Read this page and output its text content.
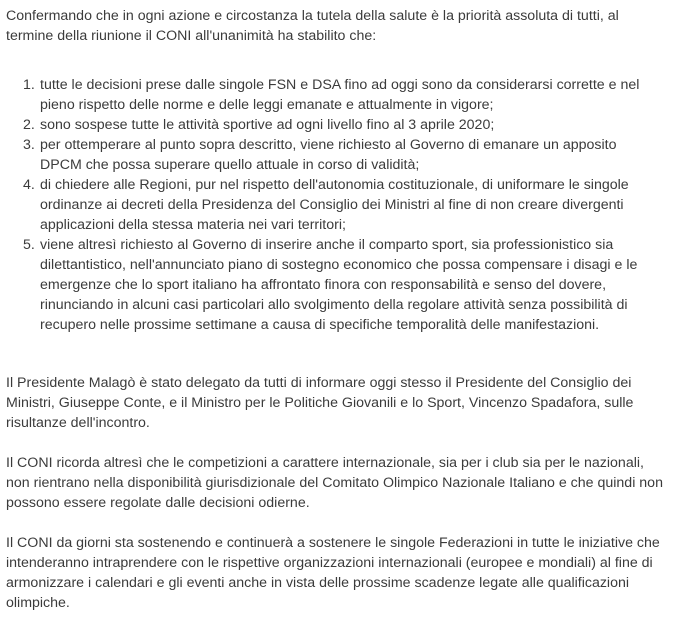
Confermando che in ogni azione e circostanza la tutela della salute è la priorità assoluta di tutti, al termine della riunione il CONI all'unanimità ha stabilito che:

1. tutte le decisioni prese dalle singole FSN e DSA fino ad oggi sono da considerarsi corrette e nel pieno rispetto delle norme e delle leggi emanate e attualmente in vigore;
2. sono sospese tutte le attività sportive ad ogni livello fino al 3 aprile 2020;
3. per ottemperare al punto sopra descritto, viene richiesto al Governo di emanare un apposito DPCM che possa superare quello attuale in corso di validità;
4. di chiedere alle Regioni, pur nel rispetto dell'autonomia costituzionale, di uniformare le singole ordinanze ai decreti della Presidenza del Consiglio dei Ministri al fine di non creare divergenti applicazioni della stessa materia nei vari territori;
5. viene altresì richiesto al Governo di inserire anche il comparto sport, sia professionistico sia dilettantistico, nell'annunciato piano di sostegno economico che possa compensare i disagi e le emergenze che lo sport italiano ha affrontato finora con responsabilità e senso del dovere, rinunciando in alcuni casi particolari allo svolgimento della regolare attività senza possibilità di recupero nelle prossime settimane a causa di specifiche temporalità delle manifestazioni.

Il Presidente Malagò è stato delegato da tutti di informare oggi stesso il Presidente del Consiglio dei Ministri, Giuseppe Conte, e il Ministro per le Politiche Giovanili e lo Sport, Vincenzo Spadafora, sulle risultanze dell'incontro.

Il CONI ricorda altresì che le competizioni a carattere internazionale, sia per i club sia per le nazionali, non rientrano nella disponibilità giurisdizionale del Comitato Olimpico Nazionale Italiano e che quindi non possono essere regolate dalle decisioni odierne.

Il CONI da giorni sta sostenendo e continuerà a sostenere le singole Federazioni in tutte le iniziative che intenderanno intraprendere con le rispettive organizzazioni internazionali (europee e mondiali) al fine di armonizzare i calendari e gli eventi anche in vista delle prossime scadenze legate alle qualificazioni olimpiche.
